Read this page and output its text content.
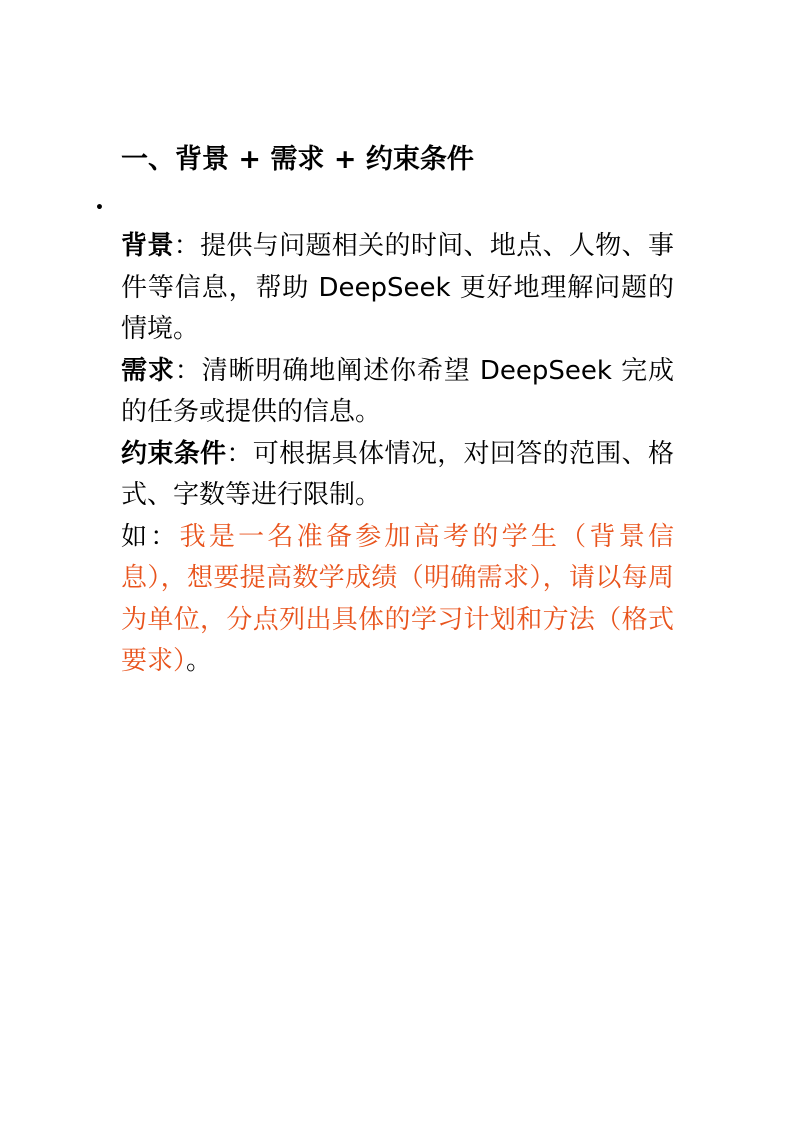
一、背景 + 需求 + 约束条件
•

背景：提供与问题相关的时间、地点、人物、事件等信息，帮助 DeepSeek 更好地理解问题的情境。

需求：清晰明确地阐述你希望 DeepSeek 完成的任务或提供的信息。

约束条件：可根据具体情况，对回答的范围、格式、字数等进行限制。

如：我是一名准备参加高考的学生（背景信息），想要提高数学成绩（明确需求），请以每周为单位，分点列出具体的学习计划和方法（格式要求）。
